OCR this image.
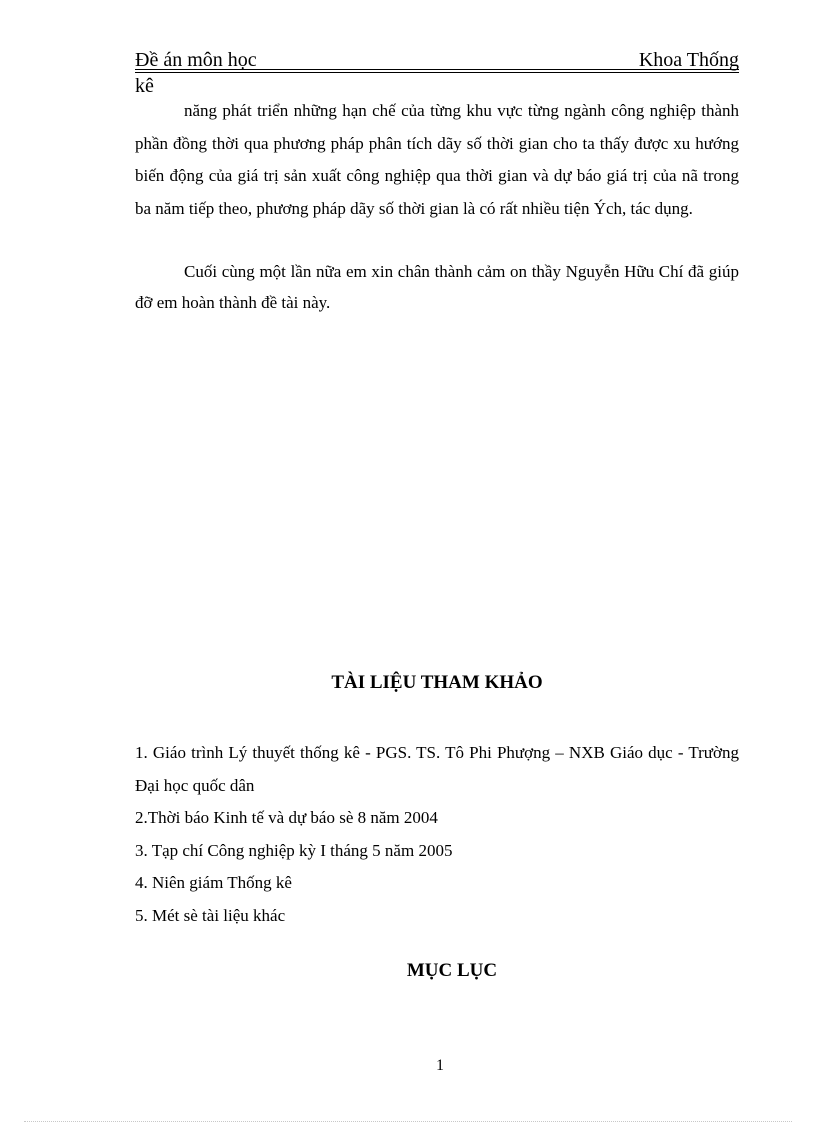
Đề án môn học	Khoa Thống
kê

năng phát triển những hạn chế của từng khu vực từng ngành công nghiệp thành phần đồng thời qua phương pháp phân tích dãy số thời gian cho ta thấy được xu hướng biến động của giá trị sản xuất công nghiệp qua thời gian và dự báo giá trị của nã trong ba năm tiếp theo, phương pháp dãy số thời gian là có rất nhiều tiện Ých, tác dụng.

Cuối cùng một lần nữa em xin chân thành cảm on thầy Nguyễn Hữu Chí đã giúp đỡ em hoàn thành đề tài này.

TÀI LIỆU THAM KHẢO
1. Giáo trình Lý thuyết thống kê - PGS. TS. Tô Phi Phượng – NXB Giáo dục - Trường Đại học quốc dân
2.Thời báo Kinh tế và dự báo sè 8 năm 2004
3. Tạp chí Công nghiệp kỳ I tháng 5 năm 2005
4. Niên giám Thống kê
5. Mét sè tài liệu khác
MỤC LỤC
1
